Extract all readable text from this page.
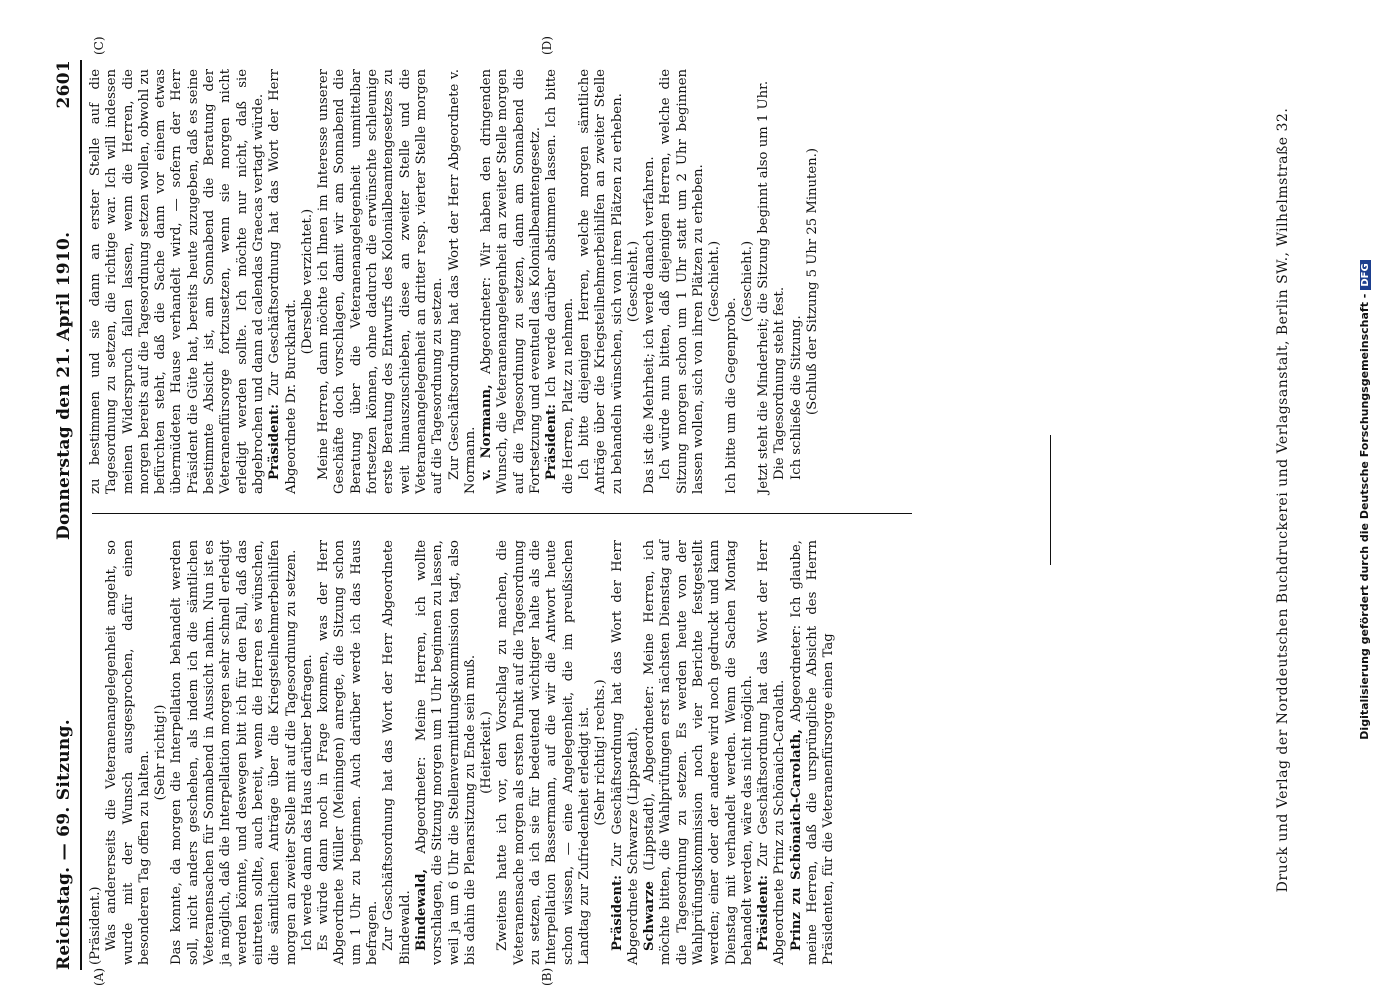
Reichstag. — 69. Sitzung.
Donnerstag den 21. April 1910.
2601
(A)	(B)
(C)	(D)

(Präsident.) Was andererseits die Veteranenangelegenheit angeht, so wurde mit der Wunsch ausgesprochen, dafür einen besonderen Tag offen zu halten. (Sehr richtig!) Das konnte, da morgen die Interpellation behandelt werden soll, nicht anders geschehen, als indem ich die sämtlichen Veteranensachen für Sonnabend in Aussicht nahm. Nun ist es ja möglich, daß die Interpellation morgen sehr schnell erledigt werden könnte, und deswegen bitt ich für den Fall, daß das eintreten sollte, auch bereit, wenn die Herren es wünschen, die sämtlichen Anträge über die Kriegsteilnehmerbeihilfen morgen an zweiter Stelle mit auf die Tagesordnung zu setzen. Ich werde dann das Haus darüber befragen. Es würde dann noch in Frage kommen, was der Herr Abgeordnete Müller (Meiningen) anregte, die Sitzung schon um 1 Uhr zu beginnen. Auch darüber werde ich das Haus befragen. Zur Geschäftsordnung hat das Wort der Herr Abgeordnete Bindewald. Bindewald, Abgeordneter: Meine Herren, ich wollte vorschlagen, die Sitzung morgen um 1 Uhr beginnen zu lassen, weil ja um 6 Uhr die Stellenvermittlungskommission tagt, also bis dahin die Plenarsitzung zu Ende sein muß. (Heiterkeit.) Zweitens hatte ich vor, den Vorschlag zu machen, die Veteranensache morgen als ersten Punkt auf die Tagesordnung zu setzen, da ich sie für bedeutend wichtiger halte als die Interpellation Bassermann, auf die wir die Antwort heute schon wissen, — eine Angelegenheit, die im preußischen Landtag zur Zufriedenheit erledigt ist. (Sehr richtig! rechts.)

Präsident: Zur Geschäftsordnung hat das Wort der Herr Abgeordnete Schwarze (Lippstadt). Schwarze (Lippstadt), Abgeordneter: Meine Herren, ich möchte bitten, die Wahlprüfungen erst nächsten Dienstag auf die Tagesordnung zu setzen. Es werden heute von der Wahlprüfungskommission noch vier Berichte festgestellt werden; einer oder der andere wird noch gedruckt und kann Dienstag mit verhandelt werden. Wenn die Sachen Montag behandelt werden, wäre das nicht möglich. Präsident: Zur Geschäftsordnung hat das Wort der Herr Abgeordnete Prinz zu Schönaich-Carolath. Prinz zu Schönaich-Carolath, Abgeordneter: Ich glaube, meine Herren, daß die ursprüngliche Absicht des Herrn Präsidenten, für die Veteranenfürsorge einen Tag

zu bestimmen und sie dann an erster Stelle auf die Tagesordnung zu setzen, die richtige war. Ich will indessen meinen Widerspruch fallen lassen, wenn die Herren, die morgen bereits auf die Tagesordnung setzen wollen, obwohl zu befürchten steht, daß die Sache dann vor einem etwas übermüdeten Hause verhandelt wird, — sofern der Herr Präsident die Güte hat, bereits heute zuzugeben, daß es seine bestimmte Absicht ist, am Sonnabend die Beratung der Veteranenfürsorge fortzusetzen, wenn sie morgen nicht erledigt werden sollte. Ich möchte nur nicht, daß sie abgebrochen und dann ad calendas Graecas vertagt würde. Präsident: Zur Geschäftsordnung hat das Wort der Herr Abgeordnete Dr. Burckhardt.

(Derselbe verzichtet.) Meine Herren, dann möchte ich Ihnen im Interesse unserer Geschäfte doch vorschlagen, damit wir am Sonnabend die Beratung über die Veteranenangelegenheit unmittelbar fortsetzen können, ohne dadurch die erwünschte schleunige erste Beratung des Entwurfs des Kolonialbeamtengesetzes zu weit hinauszuschieben, diese an zweiter Stelle und die Veteranenangelegenheit an dritter resp. vierter Stelle morgen auf die Tagesordnung zu setzen. Zur Geschäftsordnung hat das Wort der Herr Abgeordnete v. Normann. v. Normann, Abgeordneter: Wir haben den dringenden Wunsch, die Veteranenangelegenheit an zweiter Stelle morgen auf die Tagesordnung zu setzen, dann am Sonnabend die Fortsetzung und eventuell das Kolonialbeamtengesetz. Präsident: Ich werde darüber abstimmen lassen. Ich bitte die Herren, Platz zu nehmen. Ich bitte diejenigen Herren, welche morgen sämtliche Anträge über die Kriegsteilnehmerbeihilfen an zweiter Stelle zu behandeln wünschen, sich von ihren Plätzen zu erheben. (Geschieht.) Das ist die Mehrheit; ich werde danach verfahren. Ich würde nun bitten, daß diejenigen Herren, welche die Sitzung morgen schon um 1 Uhr statt um 2 Uhr beginnen lassen wollen, sich von ihren Plätzen zu erheben. (Geschieht.)

Ich bitte um die Gegenprobe.

(Geschieht.) Jetzt steht die Minderheit; die Sitzung beginnt also um 1 Uhr. Die Tagesordnung steht fest. Ich schließe die Sitzung. (Schluß der Sitzung 5 Uhr 25 Minuten.)	Druck und Verlag der Norddeutschen Buchdruckerei und Verlagsanstalt, Berlin SW., Wilhelmstraße 32.	Digitalisierung gefördert durch die Deutsche Forschungsgemeinschaft -DFG
